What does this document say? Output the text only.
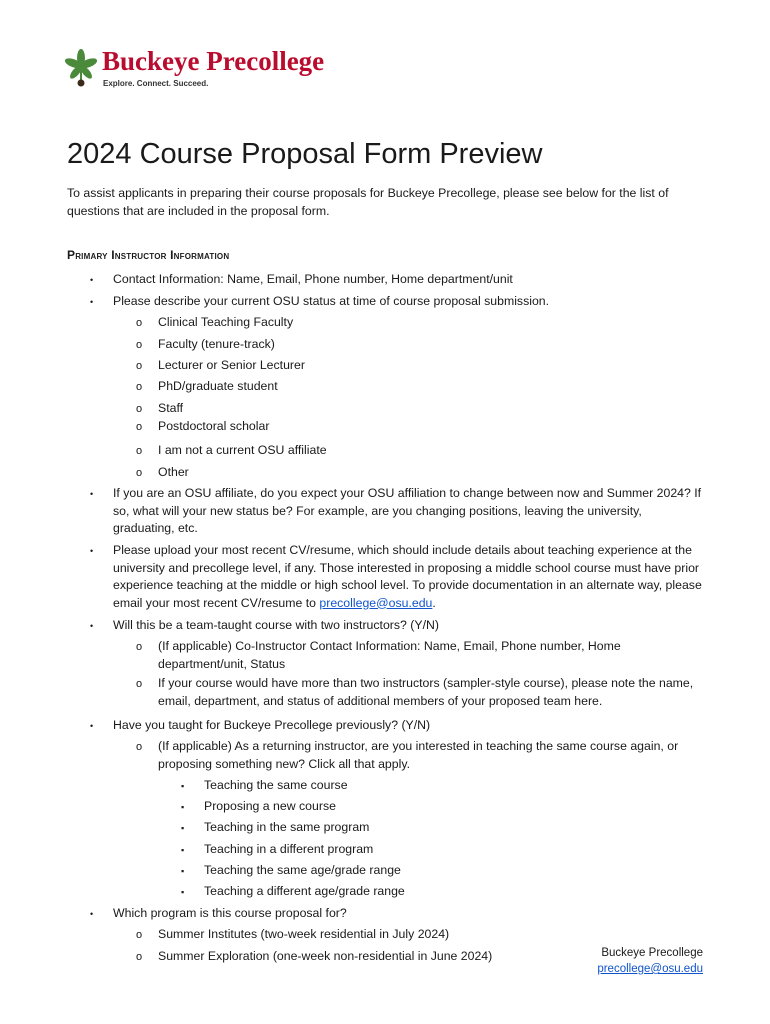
Buckeye Precollege
Explore. Connect. Succeed.
2024 Course Proposal Form Preview

To assist applicants in preparing their course proposals for Buckeye Precollege, please see below for the list of questions that are included in the proposal form.

Primary Instructor Information
•	Contact Information: Name, Email, Phone number, Home department/unit
•	Please describe your current OSU status at time of course proposal submission.
o	Clinical Teaching Faculty
o	Faculty (tenure-track)
o	Lecturer or Senior Lecturer
o	PhD/graduate student
o	Staff
o	Postdoctoral scholar
o	I am not a current OSU affiliate
o	Other
•	If you are an OSU affiliate, do you expect your OSU affiliation to change between now and Summer 2024? If so, what will your new status be? For example, are you changing positions, leaving the university, graduating, etc.
•	Please upload your most recent CV/resume, which should include details about teaching experience at the university and precollege level, if any. Those interested in proposing a middle school course must have prior experience teaching at the middle or high school level. To provide documentation in an alternate way, please email your most recent CV/resume to precollege@osu.edu.
•	Will this be a team-taught course with two instructors? (Y/N)
o	(If applicable) Co-Instructor Contact Information: Name, Email, Phone number, Home department/unit, Status
o	If your course would have more than two instructors (sampler-style course), please note the name, email, department, and status of additional members of your proposed team here.
•	Have you taught for Buckeye Precollege previously? (Y/N)
o	(If applicable) As a returning instructor, are you interested in teaching the same course again, or proposing something new? Click all that apply.
▪	Teaching the same course
▪	Proposing a new course
▪	Teaching in the same program
▪	Teaching in a different program
▪	Teaching the same age/grade range
▪	Teaching a different age/grade range
•	Which program is this course proposal for?
o	Summer Institutes (two-week residential in July 2024)
o	Summer Exploration (one-week non-residential in June 2024)	Buckeye Precollege
precollege@osu.edu
